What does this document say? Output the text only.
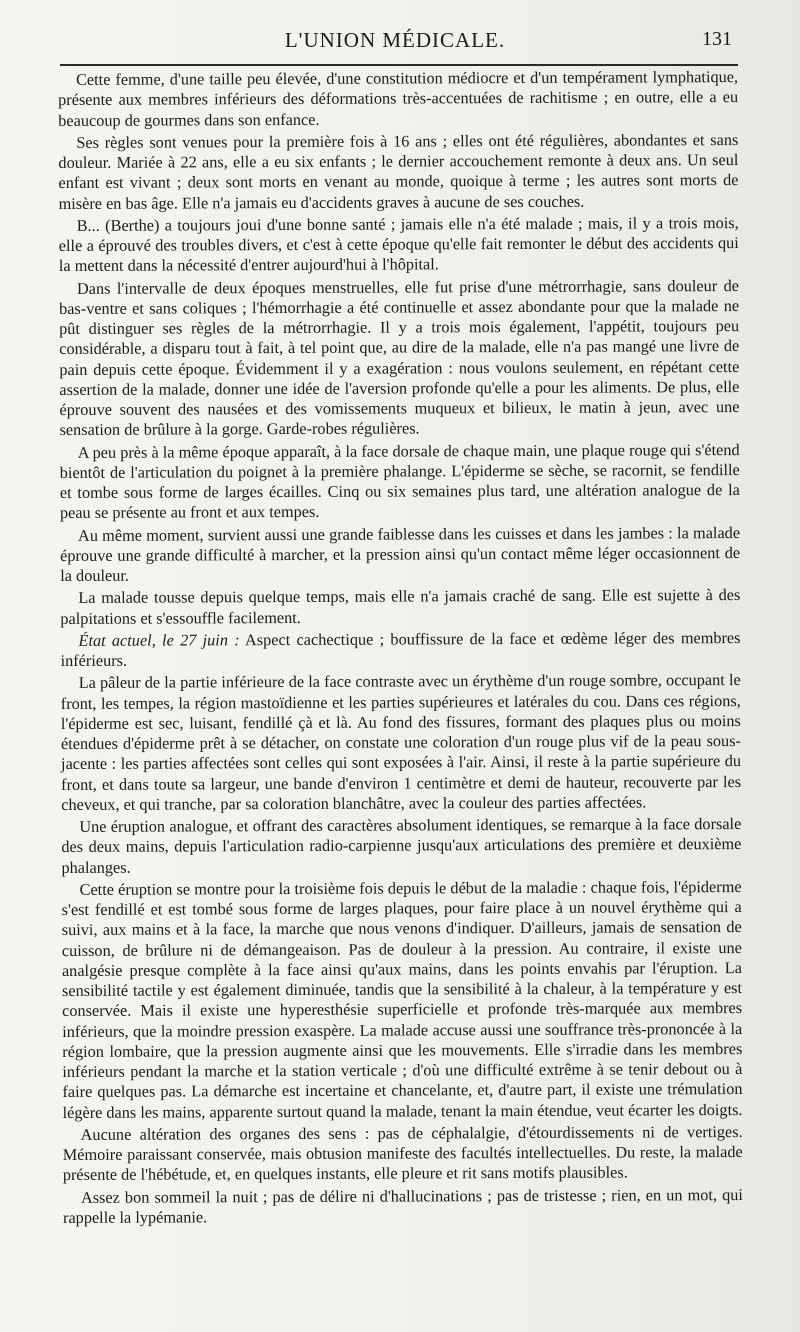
L'UNION MÉDICALE.	131

Cette femme, d'une taille peu élevée, d'une constitution médiocre et d'un tempérament lymphatique, présente aux membres inférieurs des déformations très-accentuées de rachitisme ; en outre, elle a eu beaucoup de gourmes dans son enfance.

Ses règles sont venues pour la première fois à 16 ans ; elles ont été régulières, abondantes et sans douleur. Mariée à 22 ans, elle a eu six enfants ; le dernier accouchement remonte à deux ans. Un seul enfant est vivant ; deux sont morts en venant au monde, quoique à terme ; les autres sont morts de misère en bas âge. Elle n'a jamais eu d'accidents graves à aucune de ses couches.

B... (Berthe) a toujours joui d'une bonne santé ; jamais elle n'a été malade ; mais, il y a trois mois, elle a éprouvé des troubles divers, et c'est à cette époque qu'elle fait remonter le début des accidents qui la mettent dans la nécessité d'entrer aujourd'hui à l'hôpital.

Dans l'intervalle de deux époques menstruelles, elle fut prise d'une métrorrhagie, sans douleur de bas-ventre et sans coliques ; l'hémorrhagie a été continuelle et assez abondante pour que la malade ne pût distinguer ses règles de la métrorrhagie. Il y a trois mois également, l'appétit, toujours peu considérable, a disparu tout à fait, à tel point que, au dire de la malade, elle n'a pas mangé une livre de pain depuis cette époque. Évidemment il y a exagération : nous voulons seulement, en répétant cette assertion de la malade, donner une idée de l'aversion profonde qu'elle a pour les aliments. De plus, elle éprouve souvent des nausées et des vomissements muqueux et bilieux, le matin à jeun, avec une sensation de brûlure à la gorge. Garde-robes régulières.

A peu près à la même époque apparaît, à la face dorsale de chaque main, une plaque rouge qui s'étend bientôt de l'articulation du poignet à la première phalange. L'épiderme se sèche, se racornit, se fendille et tombe sous forme de larges écailles. Cinq ou six semaines plus tard, une altération analogue de la peau se présente au front et aux tempes.

Au même moment, survient aussi une grande faiblesse dans les cuisses et dans les jambes : la malade éprouve une grande difficulté à marcher, et la pression ainsi qu'un contact même léger occasionnent de la douleur.

La malade tousse depuis quelque temps, mais elle n'a jamais craché de sang. Elle est sujette à des palpitations et s'essouffle facilement.

État actuel, le 27 juin : Aspect cachectique ; bouffissure de la face et œdème léger des membres inférieurs.

La pâleur de la partie inférieure de la face contraste avec un érythème d'un rouge sombre, occupant le front, les tempes, la région mastoïdienne et les parties supérieures et latérales du cou. Dans ces régions, l'épiderme est sec, luisant, fendillé çà et là. Au fond des fissures, formant des plaques plus ou moins étendues d'épiderme prêt à se détacher, on constate une coloration d'un rouge plus vif de la peau sous-jacente : les parties affectées sont celles qui sont exposées à l'air. Ainsi, il reste à la partie supérieure du front, et dans toute sa largeur, une bande d'environ 1 centimètre et demi de hauteur, recouverte par les cheveux, et qui tranche, par sa coloration blanchâtre, avec la couleur des parties affectées.

Une éruption analogue, et offrant des caractères absolument identiques, se remarque à la face dorsale des deux mains, depuis l'articulation radio-carpienne jusqu'aux articulations des première et deuxième phalanges.

Cette éruption se montre pour la troisième fois depuis le début de la maladie : chaque fois, l'épiderme s'est fendillé et est tombé sous forme de larges plaques, pour faire place à un nouvel érythème qui a suivi, aux mains et à la face, la marche que nous venons d'indiquer. D'ailleurs, jamais de sensation de cuisson, de brûlure ni de démangeaison. Pas de douleur à la pression. Au contraire, il existe une analgésie presque complète à la face ainsi qu'aux mains, dans les points envahis par l'éruption. La sensibilité tactile y est également diminuée, tandis que la sensibilité à la chaleur, à la température y est conservée. Mais il existe une hyperesthésie superficielle et profonde très-marquée aux membres inférieurs, que la moindre pression exaspère. La malade accuse aussi une souffrance très-prononcée à la région lombaire, que la pression augmente ainsi que les mouvements. Elle s'irradie dans les membres inférieurs pendant la marche et la station verticale ; d'où une difficulté extrême à se tenir debout ou à faire quelques pas. La démarche est incertaine et chancelante, et, d'autre part, il existe une trémulation légère dans les mains, apparente surtout quand la malade, tenant la main étendue, veut écarter les doigts.

Aucune altération des organes des sens : pas de céphalalgie, d'étourdissements ni de vertiges. Mémoire paraissant conservée, mais obtusion manifeste des facultés intellectuelles. Du reste, la malade présente de l'hébétude, et, en quelques instants, elle pleure et rit sans motifs plausibles.

Assez bon sommeil la nuit ; pas de délire ni d'hallucinations ; pas de tristesse ; rien, en un mot, qui rappelle la lypémanie.
